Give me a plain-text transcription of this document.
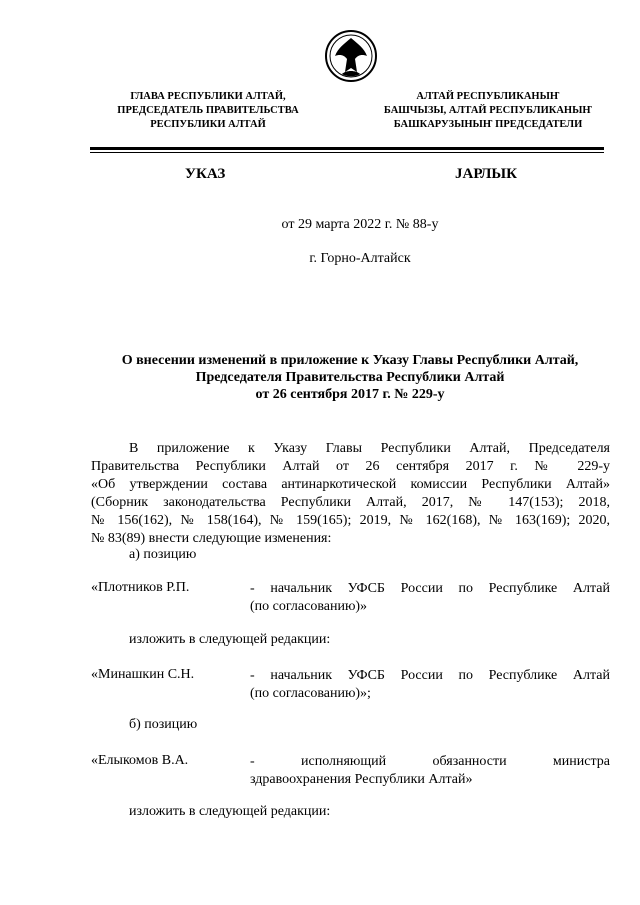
ГЛАВА РЕСПУБЛИКИ АЛТАЙ,
ПРЕДСЕДАТЕЛЬ ПРАВИТЕЛЬСТВА
РЕСПУБЛИКИ АЛТАЙ
АЛТАЙ РЕСПУБЛИКАНЫҤ
БАШЧЫЗЫ, АЛТАЙ РЕСПУБЛИКАНЫҤ
БАШКАРУЗЫНЫҤ ПРЕДСЕДАТЕЛИ
УКАЗ	ЈАРЛЫК
от 29 марта 2022 г. № 88-у
г. Горно-Алтайск
О внесении изменений в приложение к Указу Главы Республики Алтай,
Председателя Правительства Республики Алтай
от 26 сентября 2017 г. № 229-у
В приложение к Указу Главы Республики Алтай, Председателя
Правительства Республики Алтай от 26 сентября 2017 г. № 229-у
«Об утверждении состава антинаркотической комиссии Республики Алтай»
(Сборник законодательства Республики Алтай, 2017, № 147(153); 2018,
№ 156(162), № 158(164), № 159(165); 2019, № 162(168), № 163(169); 2020,
№ 83(89) внести следующие изменения:
а) позицию
«Плотников Р.П.	- начальник УФСБ России по Республике Алтай
(по согласованию)»
изложить в следующей редакции:
«Минашкин С.Н.	- начальник УФСБ России по Республике Алтай
(по согласованию)»;
б) позицию
«Елыкомов В.А.	- исполняющий обязанности министра
здравоохранения Республики Алтай»
изложить в следующей редакции:
